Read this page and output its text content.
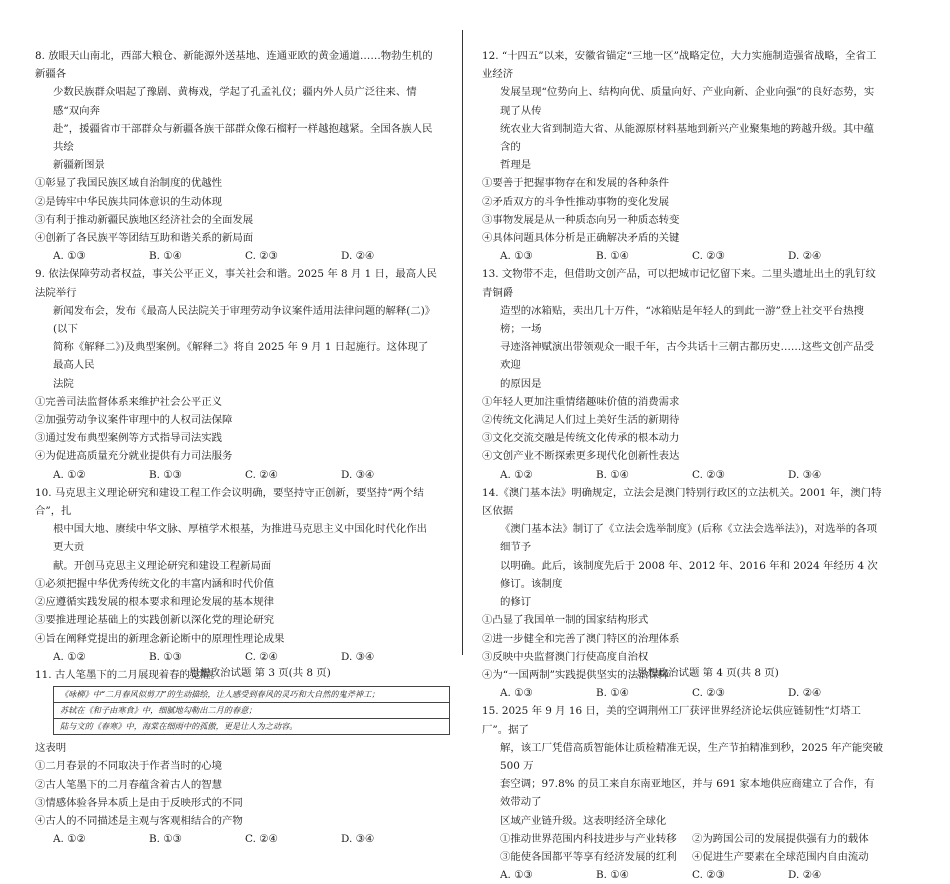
8. 放眼天山南北，西部大粮仓、新能源外送基地、连通亚欧的黄金通道……物勃生机的新疆各

少数民族群众唱起了豫剧、黄梅戏，学起了孔孟礼仪；疆内外人员广泛往来、情感“双向奔

赴”，援疆省市干部群众与新疆各族干部群众像石榴籽一样越抱越紧。全国各族人民共绘

新疆新图景

①彰显了我国民族区域自治制度的优越性

②是铸牢中华民族共同体意识的生动体现

③有利于推动新疆民族地区经济社会的全面发展

④创新了各民族平等团结互助和谐关系的新局面

A. ①③	B. ①④	C. ②③	D. ②④

9. 依法保障劳动者权益，事关公平正义，事关社会和谐。2025 年 8 月 1 日，最高人民法院举行

新闻发布会，发布《最高人民法院关于审理劳动争议案件适用法律问题的解释(二)》(以下

简称《解释二》)及典型案例。《解释二》将自 2025 年 9 月 1 日起施行。这体现了最高人民

法院

①完善司法监督体系来维护社会公平正义

②加强劳动争议案件审理中的人权司法保障

③通过发布典型案例等方式指导司法实践

④为促进高质量充分就业提供有力司法服务

A. ①②	B. ①③	C. ②④	D. ③④

10. 马克思主义理论研究和建设工程工作会议明确，要坚持守正创新，要坚持“两个结合”，扎

根中国大地、赓续中华文脉、厚植学术根基，为推进马克思主义中国化时代化作出更大贡

献。开创马克思主义理论研究和建设工程新局面

①必须把握中华优秀传统文化的丰富内涵和时代价值

②应遵循实践发展的根本要求和理论发展的基本规律

③要推进理论基础上的实践创新以深化党的理论研究

④旨在阐释党提出的新理念新论断中的原理性理论成果

A. ①②	B. ①③	C. ②④	D. ③④

11. 古人笔墨下的二月展现着春的觉醒。

《咏柳》中“二月春风似剪刀”的生动描绘，让人感受到春风的灵巧和大自然的鬼斧神工；
苏轼在《和子由寒食》中，细腻地勾勒出二月的春意；
陆与文的《春寒》中，海棠在细雨中的孤傲，更是让人为之动容。

这表明

①二月春景的不同取决于作者当时的心境

②古人笔墨下的二月春蕴含着古人的智慧

③情感体验各异本质上是由于反映形式的不同

④古人的不同描述是主观与客观相结合的产物

A. ①②	B. ①③	C. ②④	D. ③④

12. “十四五”以来，安徽省锚定“三地一区”战略定位，大力实施制造强省战略，全省工业经济

发展呈现“位势向上、结构向优、质量向好、产业向新、企业向强”的良好态势，实现了从传

统农业大省到制造大省、从能源原材料基地到新兴产业聚集地的跨越升级。其中蕴含的

哲理是

①要善于把握事物存在和发展的各种条件

②矛盾双方的斗争性推动事物的变化发展

③事物发展是从一种质态向另一种质态转变

④具体问题具体分析是正确解决矛盾的关键

A. ①③	B. ①④	C. ②③	D. ②④

13. 文物带不走，但借助文创产品，可以把城市记忆留下来。二里头遗址出土的乳钉纹青铜爵

造型的冰箱贴，卖出几十万件，“冰箱贴是年轻人的到此一游”登上社交平台热搜榜；一场

寻迹洛神赋演出带领观众一眼千年，古今共话十三朝古都历史……这些文创产品受欢迎

的原因是

①年轻人更加注重情绪趣味价值的消费需求

②传统文化满足人们过上美好生活的新期待

③文化交流交融是传统文化传承的根本动力

④文创产业不断探索更多现代化创新性表达

A. ①②	B. ①④	C. ②③	D. ③④

14.《澳门基本法》明确规定，立法会是澳门特别行政区的立法机关。2001 年，澳门特区依据

《澳门基本法》制订了《立法会选举制度》(后称《立法会选举法》)，对选举的各项细节予

以明确。此后，该制度先后于 2008 年、2012 年、2016 年和 2024 年经历 4 次修订。该制度

的修订

①凸显了我国单一制的国家结构形式

②进一步健全和完善了澳门特区的治理体系

③反映中央监督澳门行使高度自治权

④为“一国两制”实践提供坚实的法治保障

A. ①③	B. ①④	C. ②③	D. ②④

15. 2025 年 9 月 16 日，美的空调荆州工厂获评世界经济论坛供应链韧性“灯塔工厂”。据了

解，该工厂凭借高质智能体让质检精准无误，生产节拍精准到秒，2025 年产能突破 500 万

套空调；97.8% 的员工来自东南亚地区，并与 691 家本地供应商建立了合作，有效带动了

区域产业链升级。这表明经济全球化

①推动世界范围内科技进步与产业转移	②为跨国公司的发展提供强有力的载体
③能使各国都平等享有经济发展的红利	④促进生产要素在全球范围内自由流动
A. ①③	B. ①④	C. ②③	D. ②④
思想政治试题 第 3 页(共 8 页)	思想政治试题 第 4 页(共 8 页)
